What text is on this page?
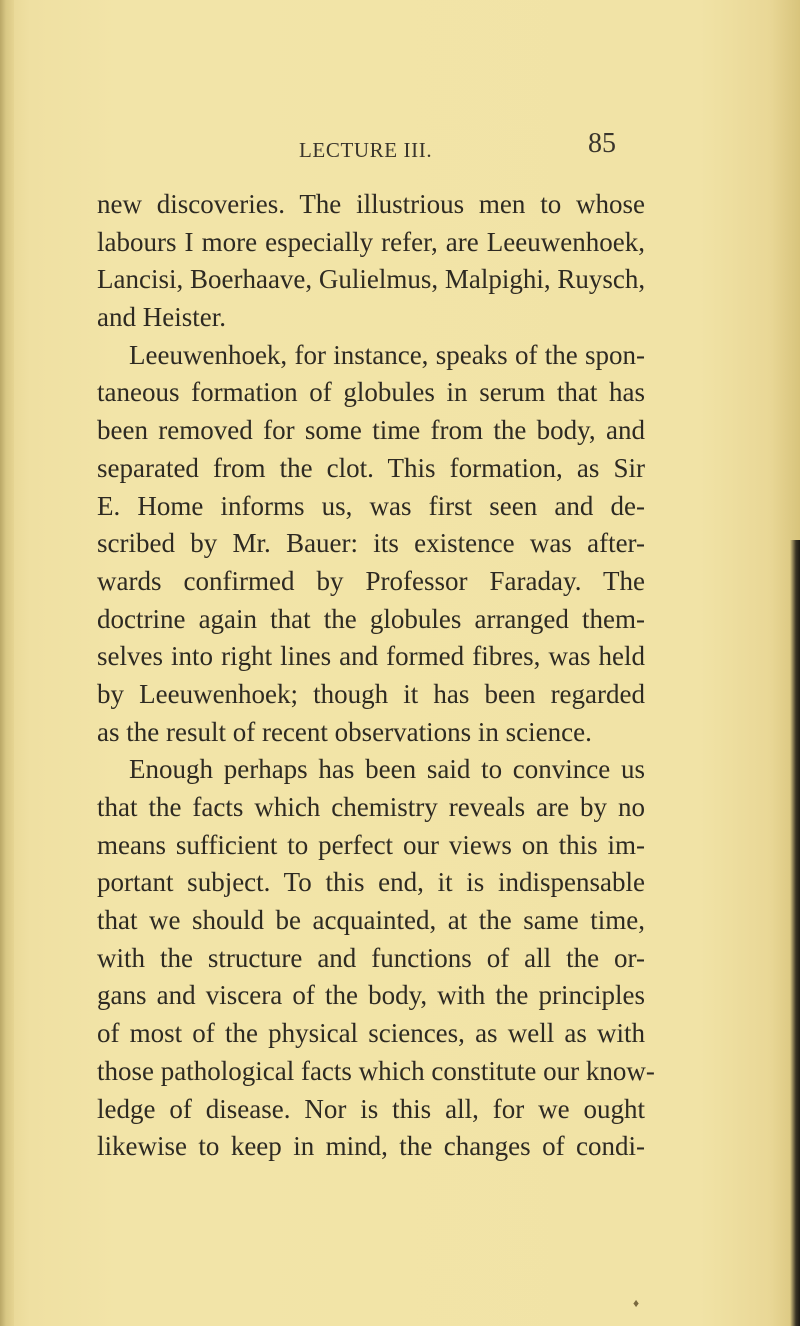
LECTURE III.	85
new discoveries. The illustrious men to whose
labours I more especially refer, are Leeuwenhoek,
Lancisi, Boerhaave, Gulielmus, Malpighi, Ruysch,
and Heister.
Leeuwenhoek, for instance, speaks of the spon-
taneous formation of globules in serum that has
been removed for some time from the body, and
separated from the clot. This formation, as Sir
E. Home informs us, was first seen and de-
scribed by Mr. Bauer: its existence was after-
wards confirmed by Professor Faraday. The
doctrine again that the globules arranged them-
selves into right lines and formed fibres, was held
by Leeuwenhoek; though it has been regarded
as the result of recent observations in science.
Enough perhaps has been said to convince us
that the facts which chemistry reveals are by no
means sufficient to perfect our views on this im-
portant subject. To this end, it is indispensable
that we should be acquainted, at the same time,
with the structure and functions of all the or-
gans and viscera of the body, with the principles
of most of the physical sciences, as well as with
those pathological facts which constitute our know-
ledge of disease. Nor is this all, for we ought
likewise to keep in mind, the changes of condi-
♦
